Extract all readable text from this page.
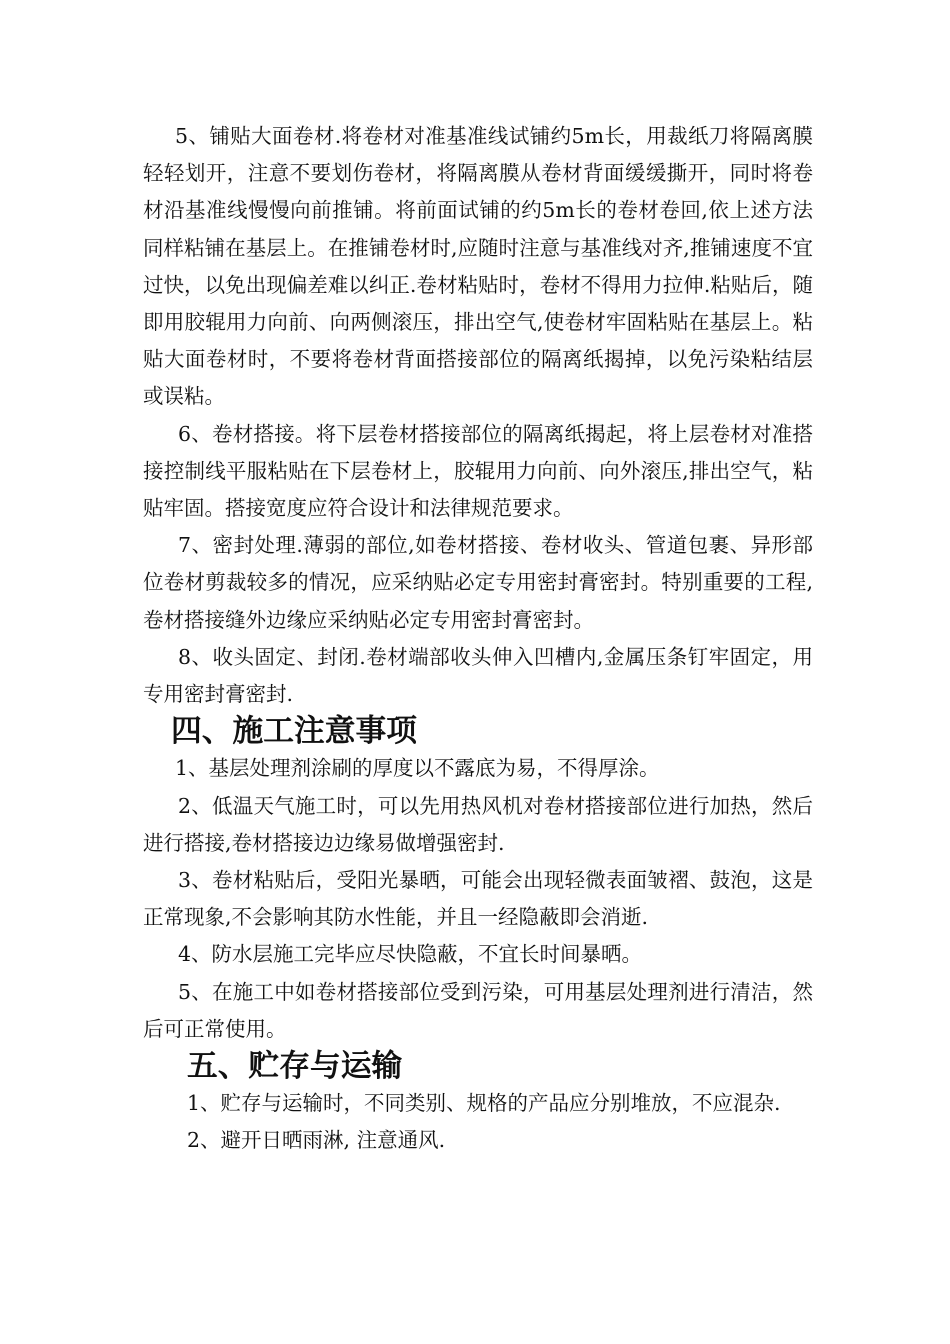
5、铺贴大面卷材.将卷材对准基准线试铺约5m长，用裁纸刀将隔离膜轻轻划开，注意不要划伤卷材，将隔离膜从卷材背面缓缓撕开，同时将卷材沿基准线慢慢向前推铺。将前面试铺的约5m长的卷材卷回,依上述方法同样粘铺在基层上。在推铺卷材时,应随时注意与基准线对齐,推铺速度不宜过快，以免出现偏差难以纠正.卷材粘贴时，卷材不得用力拉伸.粘贴后，随即用胶辊用力向前、向两侧滚压，排出空气,使卷材牢固粘贴在基层上。粘贴大面卷材时，不要将卷材背面搭接部位的隔离纸揭掉，以免污染粘结层或误粘。

6、卷材搭接。将下层卷材搭接部位的隔离纸揭起，将上层卷材对准搭接控制线平服粘贴在下层卷材上，胶辊用力向前、向外滚压,排出空气，粘贴牢固。搭接宽度应符合设计和法律规范要求。

7、密封处理.薄弱的部位,如卷材搭接、卷材收头、管道包裹、异形部位卷材剪裁较多的情况，应采纳贴必定专用密封膏密封。特别重要的工程,卷材搭接缝外边缘应采纳贴必定专用密封膏密封。

8、收头固定、封闭.卷材端部收头伸入凹槽内,金属压条钉牢固定，用专用密封膏密封.

四、施工注意事项

1、基层处理剂涂刷的厚度以不露底为易，不得厚涂。

2、低温天气施工时，可以先用热风机对卷材搭接部位进行加热，然后进行搭接,卷材搭接边边缘易做增强密封.

3、卷材粘贴后，受阳光暴晒，可能会出现轻微表面皱褶、鼓泡，这是正常现象,不会影响其防水性能，并且一经隐蔽即会消逝.

4、防水层施工完毕应尽快隐蔽，不宜长时间暴晒。

5、在施工中如卷材搭接部位受到污染，可用基层处理剂进行清洁，然后可正常使用。

五、贮存与运输

1、贮存与运输时，不同类别、规格的产品应分别堆放，不应混杂.

2、避开日晒雨淋, 注意通风.
